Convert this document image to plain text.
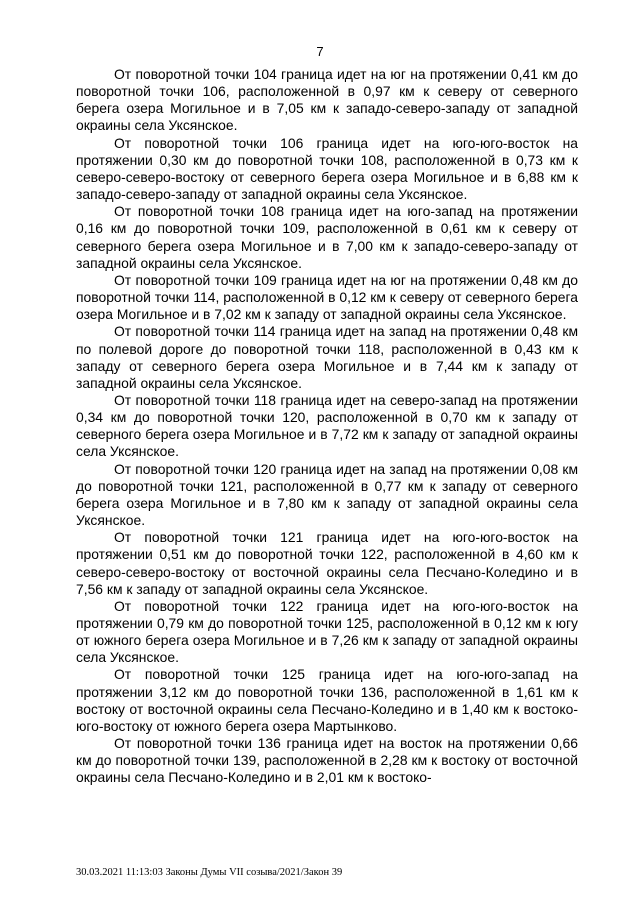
7

От поворотной точки 104 граница идет на юг на протяжении 0,41 км до поворотной точки 106, расположенной в 0,97 км к северу от северного берега озера Могильное и в 7,05 км к западо-северо-западу от западной окраины села Уксянское.

От поворотной точки 106 граница идет на юго-юго-восток на протяжении 0,30 км до поворотной точки 108, расположенной в 0,73 км к северо-северо-востоку от северного берега озера Могильное и в 6,88 км к западо-северо-западу от западной окраины села Уксянское.

От поворотной точки 108 граница идет на юго-запад на протяжении 0,16 км до поворотной точки 109, расположенной в 0,61 км к северу от северного берега озера Могильное и в 7,00 км к западо-северо-западу от западной окраины села Уксянское.

От поворотной точки 109 граница идет на юг на протяжении 0,48 км до поворотной точки 114, расположенной в 0,12 км к северу от северного берега озера Могильное и в 7,02 км к западу от западной окраины села Уксянское.

От поворотной точки 114 граница идет на запад на протяжении 0,48 км по полевой дороге до поворотной точки 118, расположенной в 0,43 км к западу от северного берега озера Могильное и в 7,44 км к западу от западной окраины села Уксянское.

От поворотной точки 118 граница идет на северо-запад на протяжении 0,34 км до поворотной точки 120, расположенной в 0,70 км к западу от северного берега озера Могильное и в 7,72 км к западу от западной окраины села Уксянское.

От поворотной точки 120 граница идет на запад на протяжении 0,08 км до поворотной точки 121, расположенной в 0,77 км к западу от северного берега озера Могильное и в 7,80 км к западу от западной окраины села Уксянское.

От поворотной точки 121 граница идет на юго-юго-восток на протяжении 0,51 км до поворотной точки 122, расположенной в 4,60 км к северо-северо-востоку от восточной окраины села Песчано-Коледино и в 7,56 км к западу от западной окраины села Уксянское.

От поворотной точки 122 граница идет на юго-юго-восток на протяжении 0,79 км до поворотной точки 125, расположенной в 0,12 км к югу от южного берега озера Могильное и в 7,26 км к западу от западной окраины села Уксянское.

От поворотной точки 125 граница идет на юго-юго-запад на протяжении 3,12 км до поворотной точки 136, расположенной в 1,61 км к востоку от восточной окраины села Песчано-Коледино и в 1,40 км к востоко-юго-востоку от южного берега озера Мартынково.

От поворотной точки 136 граница идет на восток на протяжении 0,66 км до поворотной точки 139, расположенной в 2,28 км к востоку от восточной окраины села Песчано-Коледино и в 2,01 км к востоко-

30.03.2021 11:13:03 Законы Думы VII созыва/2021/Закон 39
